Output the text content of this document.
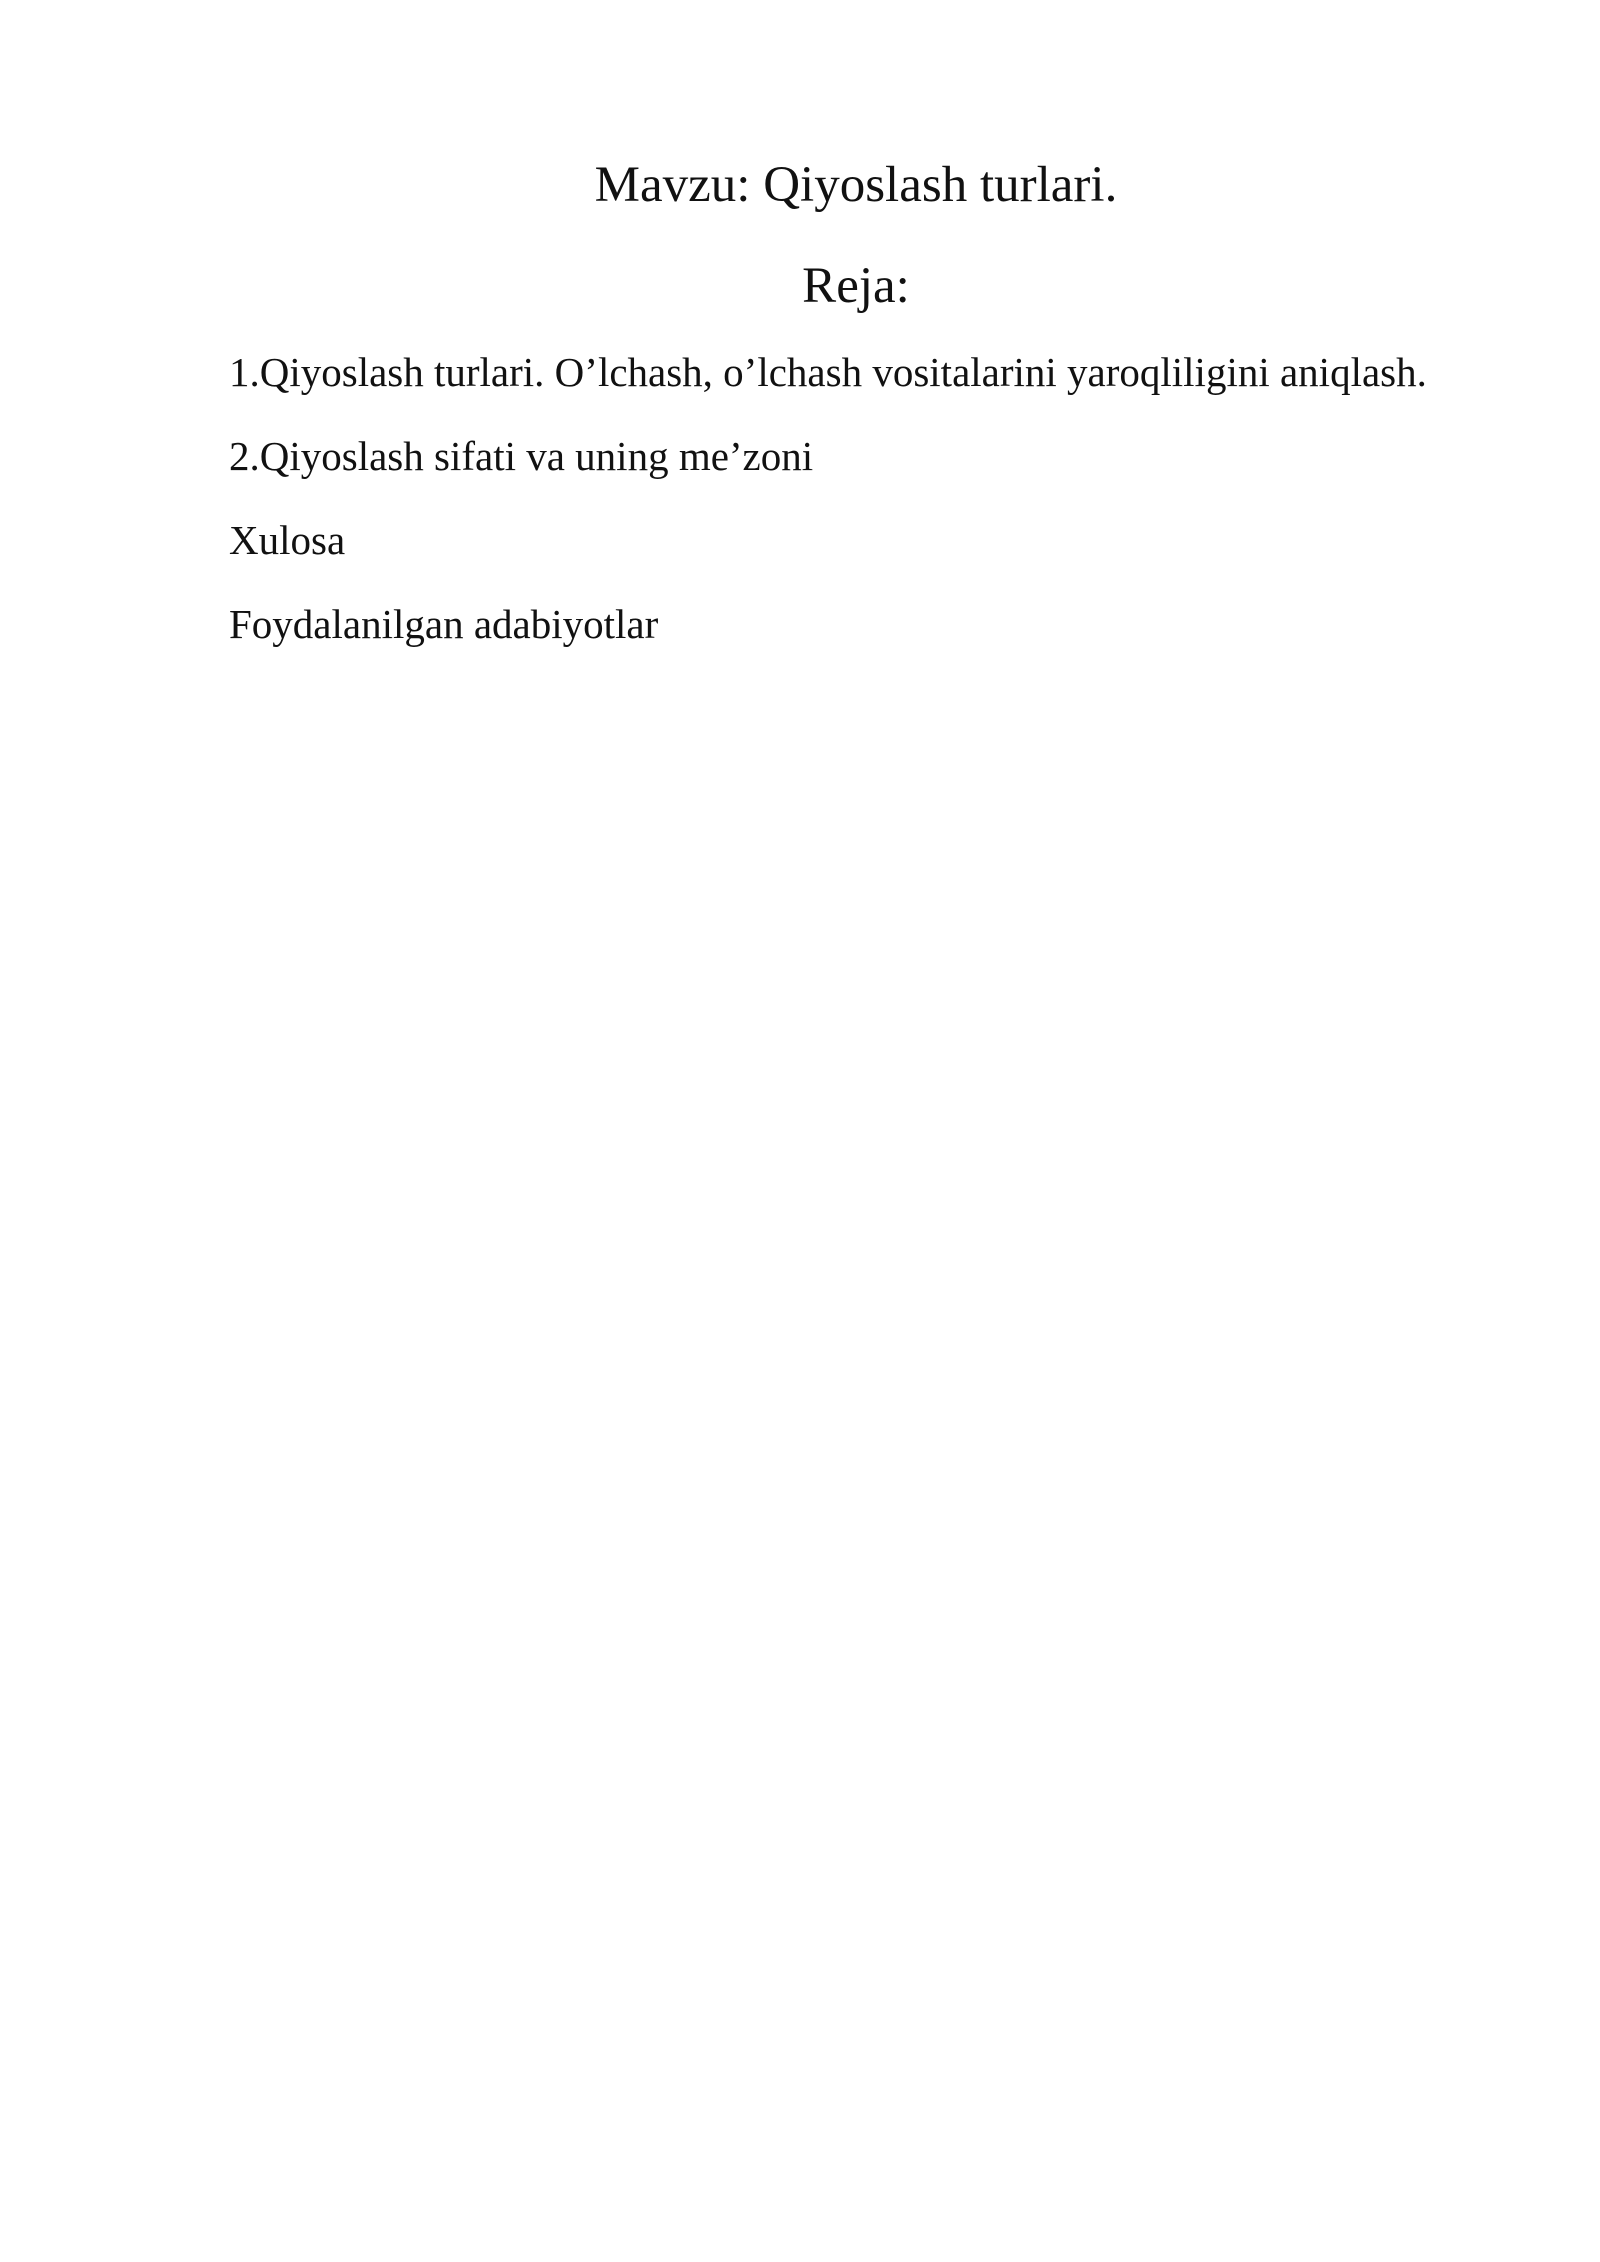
Mavzu: Qiyoslash turlari.
Reja:
1.Qiyoslash turlari. O’lchash, o’lchash vositalarini yaroqliligini aniqlash.
2.Qiyoslash sifati va uning me’zoni
Xulosa
Foydalanilgan adabiyotlar
